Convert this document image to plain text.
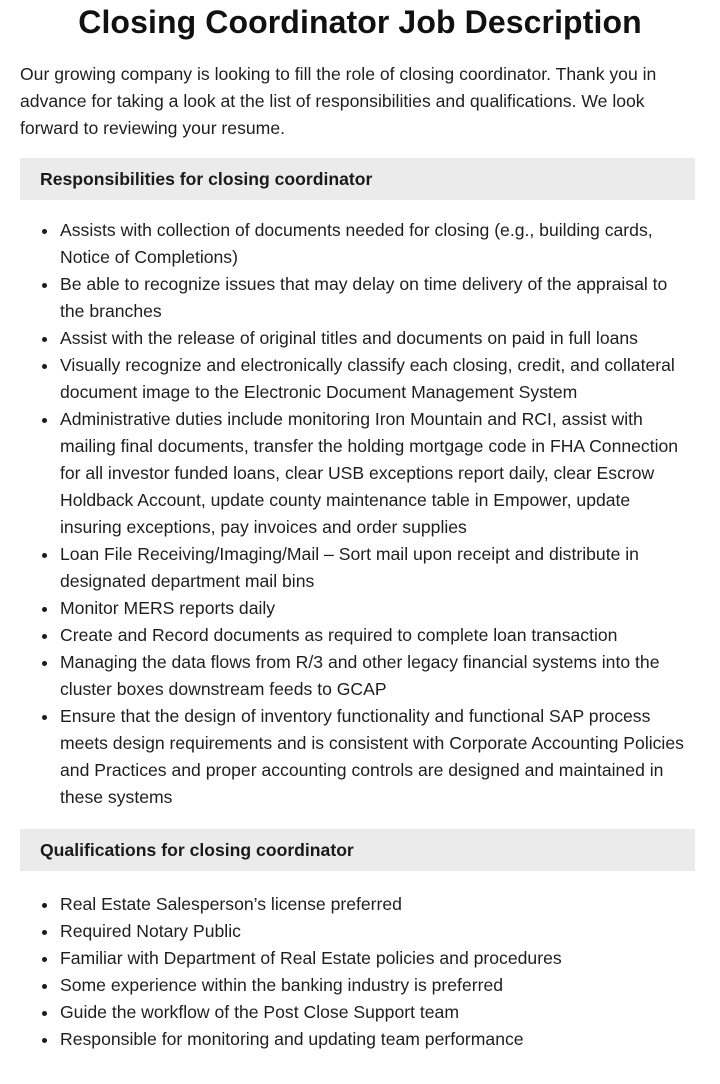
Closing Coordinator Job Description

Our growing company is looking to fill the role of closing coordinator. Thank you in advance for taking a look at the list of responsibilities and qualifications. We look forward to reviewing your resume.

Responsibilities for closing coordinator
Assists with collection of documents needed for closing (e.g., building cards, Notice of Completions)
Be able to recognize issues that may delay on time delivery of the appraisal to the branches
Assist with the release of original titles and documents on paid in full loans
Visually recognize and electronically classify each closing, credit, and collateral document image to the Electronic Document Management System
Administrative duties include monitoring Iron Mountain and RCI, assist with mailing final documents, transfer the holding mortgage code in FHA Connection for all investor funded loans, clear USB exceptions report daily, clear Escrow Holdback Account, update county maintenance table in Empower, update insuring exceptions, pay invoices and order supplies
Loan File Receiving/Imaging/Mail – Sort mail upon receipt and distribute in designated department mail bins
Monitor MERS reports daily
Create and Record documents as required to complete loan transaction
Managing the data flows from R/3 and other legacy financial systems into the cluster boxes downstream feeds to GCAP
Ensure that the design of inventory functionality and functional SAP process meets design requirements and is consistent with Corporate Accounting Policies and Practices and proper accounting controls are designed and maintained in these systems
Qualifications for closing coordinator
Real Estate Salesperson’s license preferred
Required Notary Public
Familiar with Department of Real Estate policies and procedures
Some experience within the banking industry is preferred
Guide the workflow of the Post Close Support team
Responsible for monitoring and updating team performance
